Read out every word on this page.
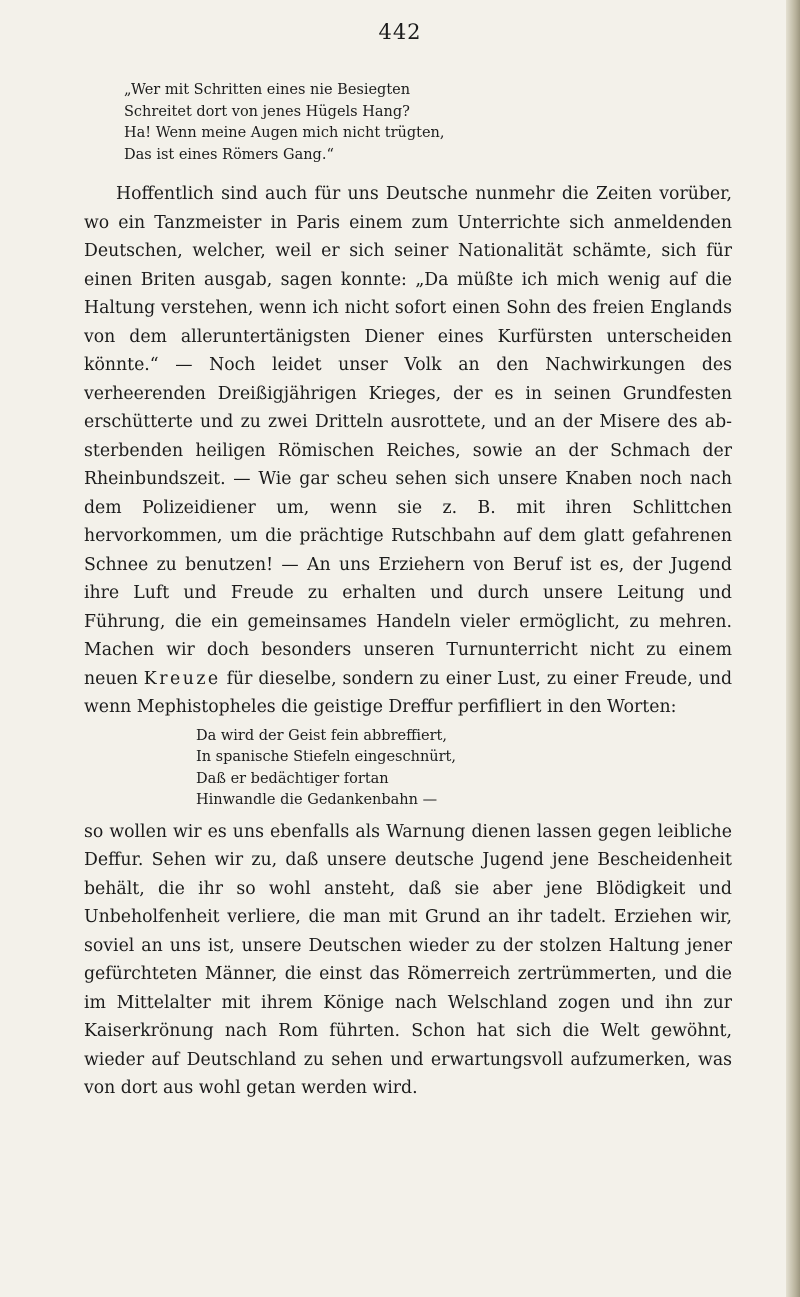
442
„Wer mit Schritten eines nie Besiegten
Schreitet dort von jenes Hügels Hang?
Ha! Wenn meine Augen mich nicht trügten,
Das ist eines Römers Gang.“

Hoffentlich sind auch für uns Deutsche nunmehr die Zeiten vorüber, wo ein Tanzmeister in Paris einem zum Unterrichte sich anmeldenden Deutschen, welcher, weil er sich seiner Nationalität schämte, sich für einen Briten ausgab, sagen konnte: „Da müßte ich mich wenig auf die Haltung verstehen, wenn ich nicht sofort einen Sohn des freien Englands von dem alleruntertänigsten Diener eines Kurfürsten unterscheiden könnte.“ — Noch leidet unser Volk an den Nachwirkungen des verheerenden Dreißigjährigen Krieges, der es in seinen Grundfesten erschütterte und zu zwei Dritteln ausrottete, und an der Misere des absterbenden heiligen Römischen Reiches, sowie an der Schmach der Rheinbundszeit. — Wie gar scheu sehen sich unsere Knaben noch nach dem Polizeidiener um, wenn sie z. B. mit ihren Schlittchen hervorkommen, um die prächtige Rutschbahn auf dem glatt gefahrenen Schnee zu benutzen! — An uns Erziehern von Beruf ist es, der Jugend ihre Luft und Freude zu erhalten und durch unsere Leitung und Führung, die ein gemeinsames Handeln vieler ermöglicht, zu mehren. Machen wir doch besonders unseren Turnunterricht nicht zu einem neuen Kreuze für dieselbe, sondern zu einer Lust, zu einer Freude, und wenn Mephistopheles die geistige Dreffur perfifliert in den Worten:

Da wird der Geist fein abbreffiert,
In spanische Stiefeln eingeschnürt,
Daß er bedächtiger fortan
Hinwandle die Gedankenbahn —

so wollen wir es uns ebenfalls als Warnung dienen lassen gegen leibliche Deffur. Sehen wir zu, daß unsere deutsche Jugend jene Bescheidenheit behält, die ihr so wohl ansteht, daß sie aber jene Blödigkeit und Unbeholfenheit verliere, die man mit Grund an ihr tadelt. Erziehen wir, soviel an uns ist, unsere Deutschen wieder zu der stolzen Haltung jener gefürchteten Männer, die einst das Römerreich zertrümmerten, und die im Mittelalter mit ihrem Könige nach Welschland zogen und ihn zur Kaiserkrönung nach Rom führten. Schon hat sich die Welt gewöhnt, wieder auf Deutschland zu sehen und erwartungsvoll aufzumerken, was von dort aus wohl getan werden wird.
